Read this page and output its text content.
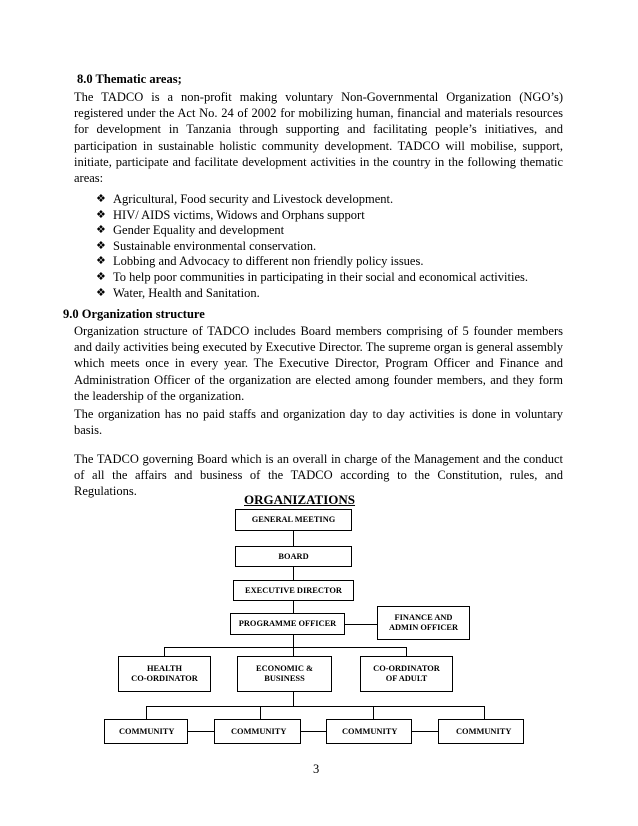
8.0 Thematic areas;
The TADCO is a non-profit making voluntary Non-Governmental Organization (NGO’s) registered under the Act No. 24 of 2002 for mobilizing human, financial and materials resources for development in Tanzania through supporting and facilitating people’s initiatives, and participation in sustainable holistic community development. TADCO will mobilise, support, initiate, participate and facilitate development activities in the country in the following thematic areas:
❖ Agricultural, Food security and Livestock development.
❖ HIV/ AIDS victims, Widows and Orphans support
❖ Gender Equality and development
❖ Sustainable environmental conservation.
❖ Lobbing and Advocacy to different non friendly policy issues.
❖ To help poor communities in participating in their social and economical activities.
❖ Water, Health and Sanitation.
9.0 Organization structure
Organization structure of TADCO includes Board members comprising of 5 founder members and daily activities being executed by Executive Director. The supreme organ is general assembly which meets once in every year. The Executive Director, Program Officer and Finance and Administration Officer of the organization are elected among founder members, and they form the leadership of the organization.
The organization has no paid staffs and organization day to day activities is done in voluntary basis.
The TADCO governing Board which is an overall in charge of the Management and the conduct of all the affairs and business of the TADCO according to the Constitution, rules, and Regulations.
ORGANIZATIONS
GENERAL MEETING
BOARD
EXECUTIVE DIRECTOR
PROGRAMME OFFICER
FINANCE AND
ADMIN OFFICER
HEALTH
CO-ORDINATOR
ECONOMIC &
BUSINESS
CO-ORDINATOR
OF ADULT
COMMUNITY	COMMUNITY	COMMUNITY	COMMUNITY
3
